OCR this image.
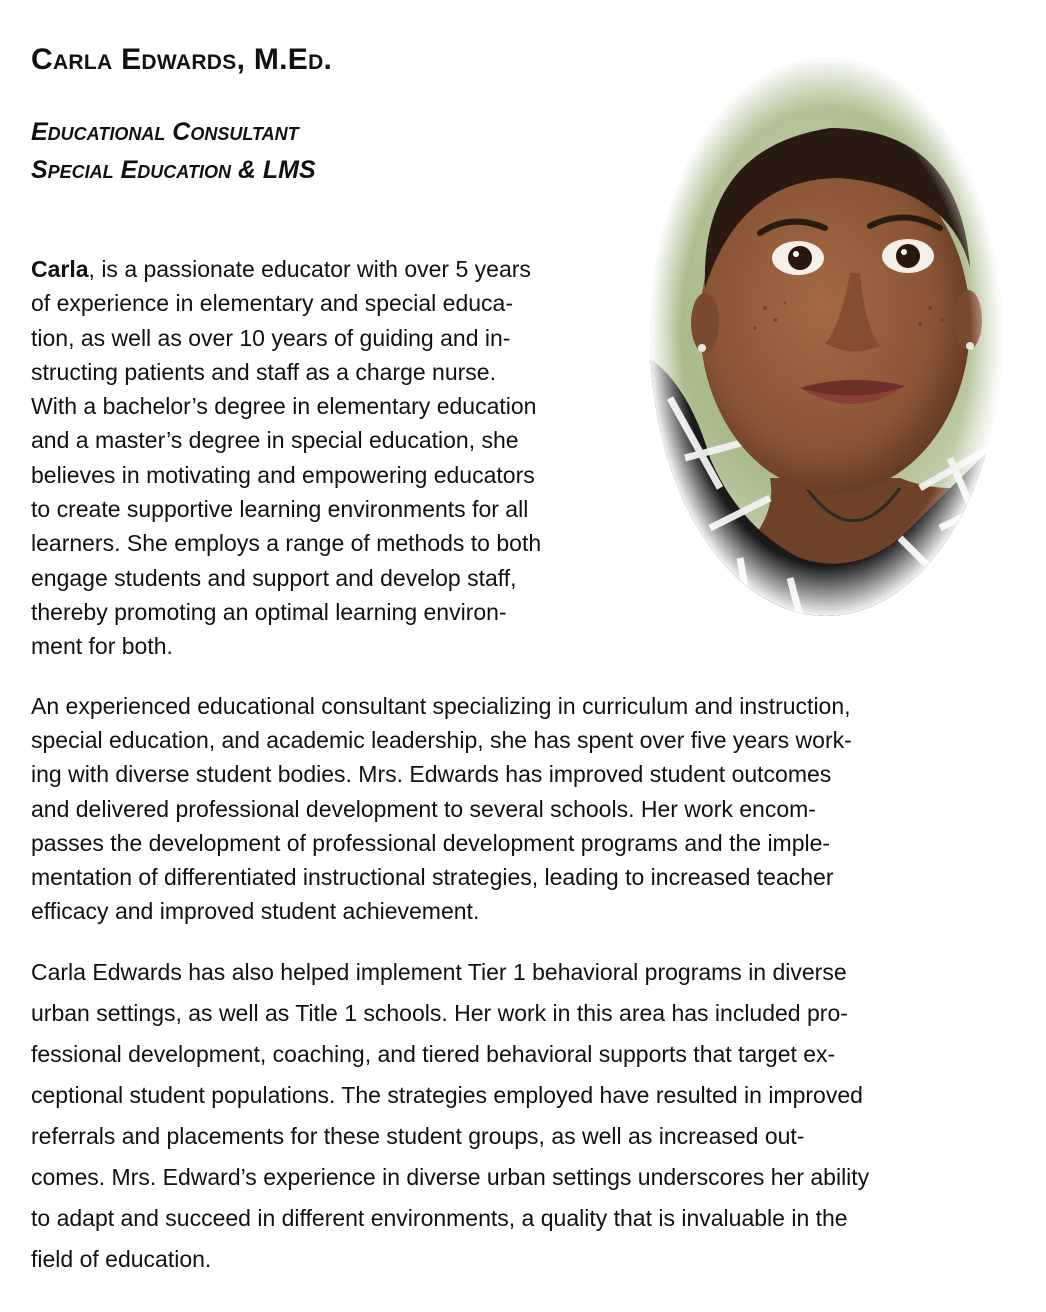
Carla Edwards, M.Ed.
Educational Consultant
Special Education & LMS
Carla, is a passionate educator with over 5 years
of experience in elementary and special educa-
tion, as well as over 10 years of guiding and in-
structing patients and staff as a charge nurse.
With a bachelor’s degree in elementary education
and a master’s degree in special education, she
believes in motivating and empowering educators
to create supportive learning environments for all
learners. She employs a range of methods to both
engage students and support and develop staff,
thereby promoting an optimal learning environ-
ment for both.
An experienced educational consultant specializing in curriculum and instruction,
special education, and academic leadership, she has spent over five years work-
ing with diverse student bodies. Mrs. Edwards has improved student outcomes
and delivered professional development to several schools. Her work encom-
passes the development of professional development programs and the imple-
mentation of differentiated instructional strategies, leading to increased teacher
efficacy and improved student achievement.
Carla Edwards has also helped implement Tier 1 behavioral programs in diverse
urban settings, as well as Title 1 schools. Her work in this area has included pro-
fessional development, coaching, and tiered behavioral supports that target ex-
ceptional student populations. The strategies employed have resulted in improved
referrals and placements for these student groups, as well as increased out-
comes. Mrs. Edward’s experience in diverse urban settings underscores her ability
to adapt and succeed in different environments, a quality that is invaluable in the
field of education.
